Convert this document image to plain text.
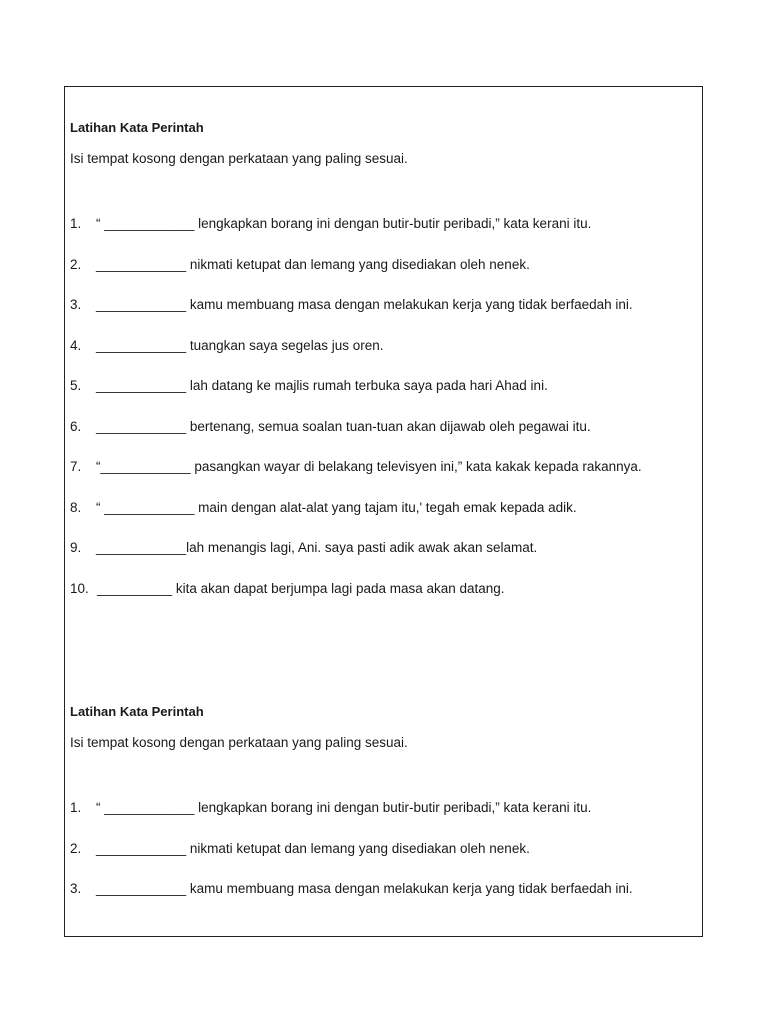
Latihan Kata Perintah

Isi tempat kosong dengan perkataan yang paling sesuai.

1.	“ ____________ lengkapkan borang ini dengan butir-butir peribadi,” kata kerani itu.
2.	____________ nikmati ketupat dan lemang yang disediakan oleh nenek.
3.	____________ kamu membuang masa dengan melakukan kerja yang tidak berfaedah ini.
4.	____________ tuangkan saya segelas jus oren.
5.	____________ lah datang ke majlis rumah terbuka saya pada hari Ahad ini.
6.	____________ bertenang, semua soalan tuan-tuan akan dijawab oleh pegawai itu.
7.	“____________ pasangkan wayar di belakang televisyen ini,” kata kakak kepada rakannya.
8.	“ ____________ main dengan alat-alat yang tajam itu,' tegah emak kepada adik.
9.	____________lah menangis lagi, Ani. saya pasti adik awak akan selamat.
10. __________ kita akan dapat berjumpa lagi pada masa akan datang.
Latihan Kata Perintah

Isi tempat kosong dengan perkataan yang paling sesuai.

1.	“ ____________ lengkapkan borang ini dengan butir-butir peribadi,” kata kerani itu.
2.	____________ nikmati ketupat dan lemang yang disediakan oleh nenek.
3.	____________ kamu membuang masa dengan melakukan kerja yang tidak berfaedah ini.
